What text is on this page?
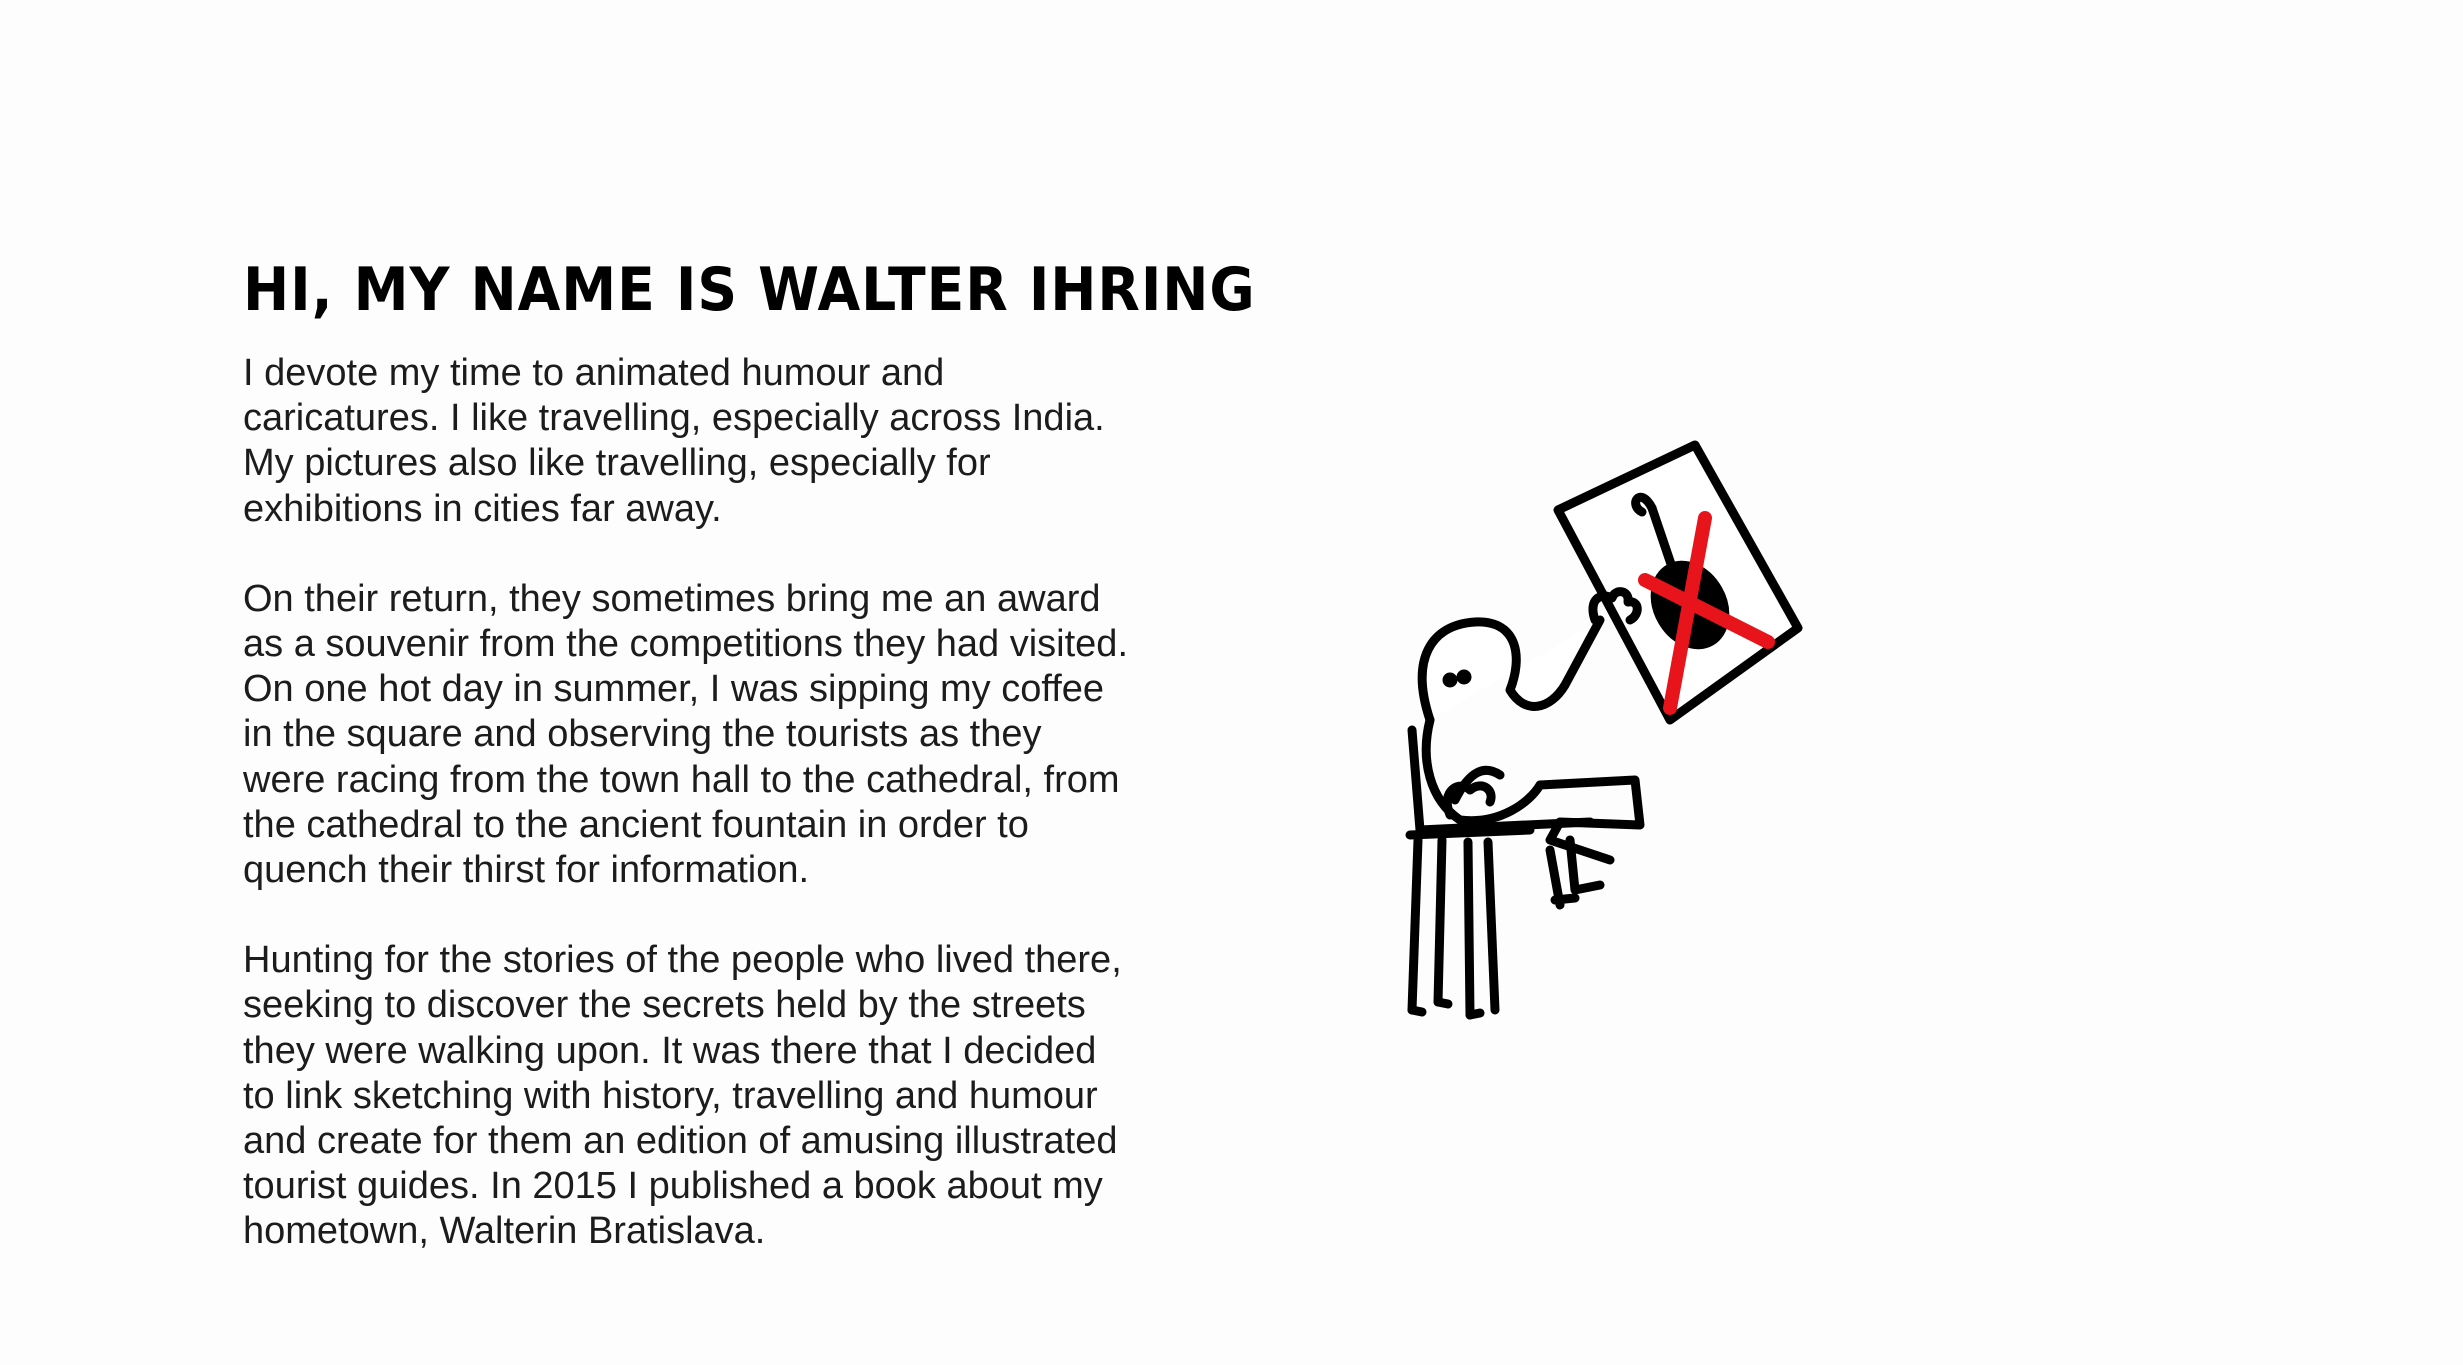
HI, MY NAME IS WALTER IHRING

I devote my time to animated humour and
caricatures. I like travelling, especially across India.
My pictures also like travelling, especially for
exhibitions in cities far away.

On their return, they sometimes bring me an award
as a souvenir from the competitions they had visited.
On one hot day in summer, I was sipping my coffee
in the square and observing the tourists as they
were racing from the town hall to the cathedral, from
the cathedral to the ancient fountain in order to
quench their thirst for information.

Hunting for the stories of the people who lived there,
seeking to discover the secrets held by the streets
they were walking upon. It was there that I decided
to link sketching with history, travelling and humour
and create for them an edition of amusing illustrated
tourist guides. In 2015 I published a book about my
hometown, Walterin Bratislava.
